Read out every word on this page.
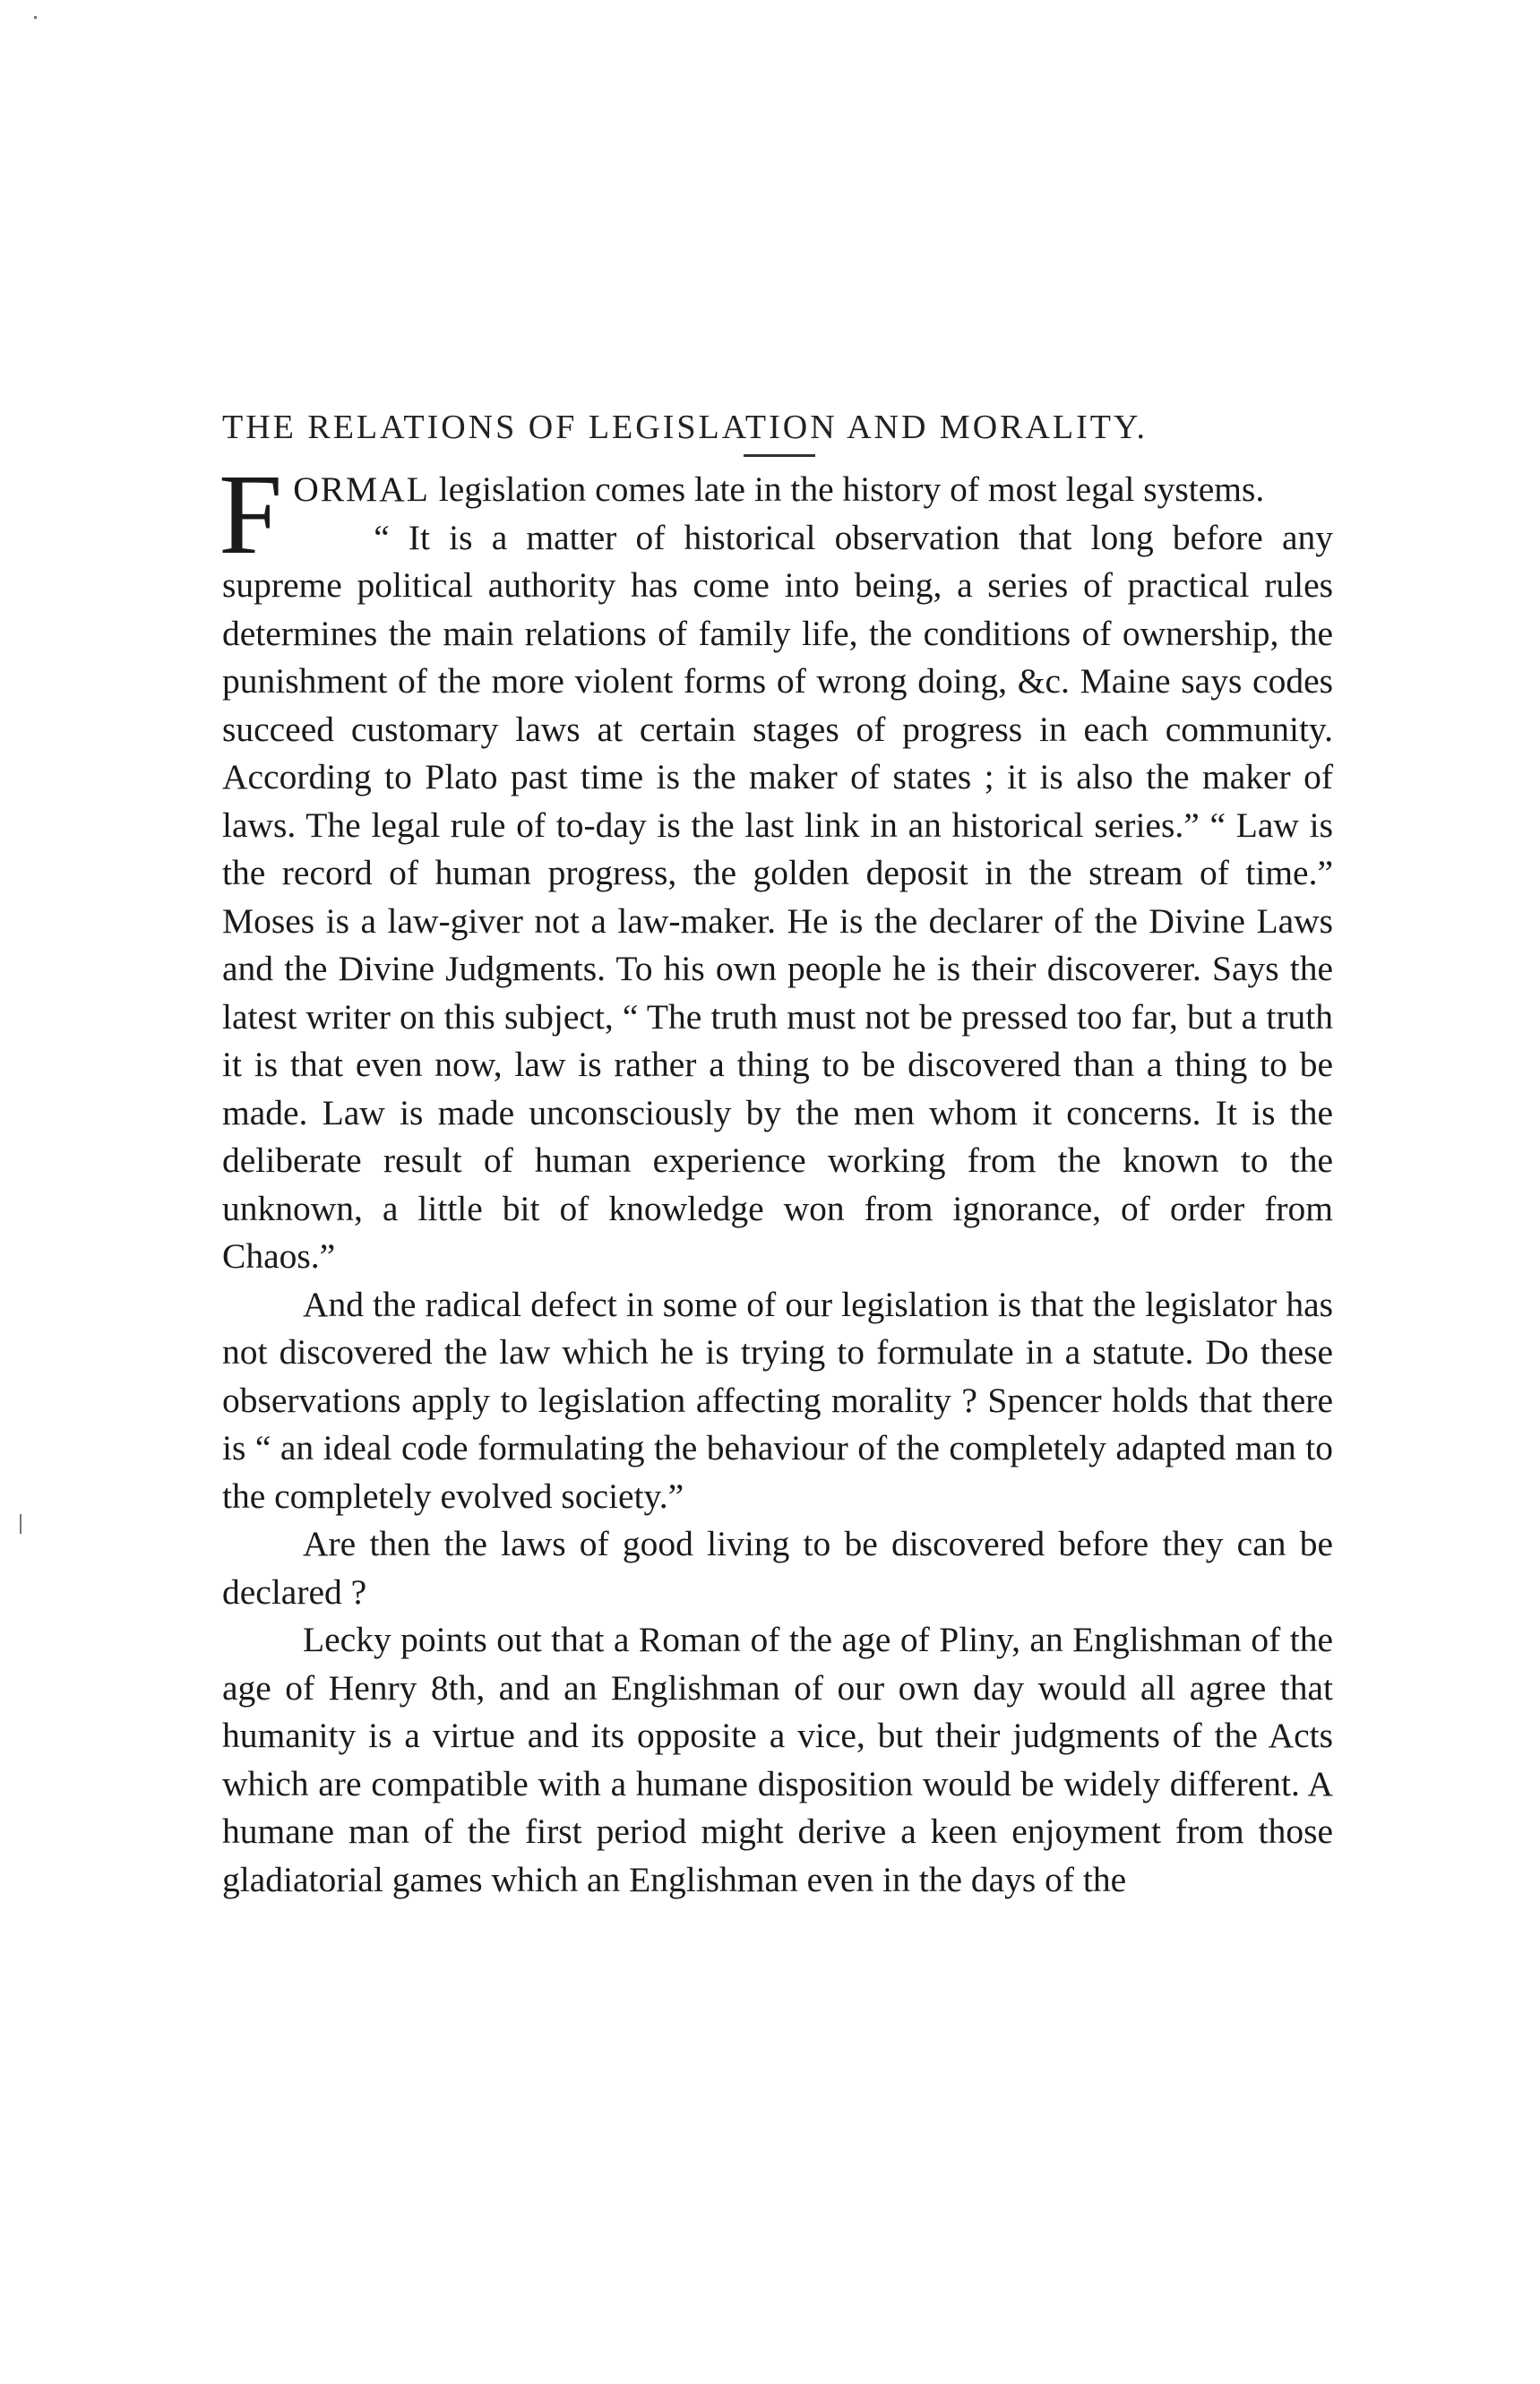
THE RELATIONS OF LEGISLATION AND MORALITY.

FORMAL legislation comes late in the history of most legal systems.

“ It is a matter of historical observation that long before any supreme political authority has come into being, a series of practical rules determines the main relations of family life, the conditions of ownership, the punishment of the more violent forms of wrong doing, &c. Maine says codes succeed customary laws at certain stages of progress in each community. According to Plato past time is the maker of states ; it is also the maker of laws. The legal rule of to-day is the last link in an historical series.” “ Law is the record of human progress, the golden deposit in the stream of time.” Moses is a law-giver not a law-maker. He is the declarer of the Divine Laws and the Divine Judgments. To his own people he is their discoverer. Says the latest writer on this subject, “ The truth must not be pressed too far, but a truth it is that even now, law is rather a thing to be discovered than a thing to be made. Law is made unconsciously by the men whom it concerns. It is the deliberate result of human experience working from the known to the unknown, a little bit of knowledge won from ignorance, of order from Chaos.”

And the radical defect in some of our legislation is that the legislator has not discovered the law which he is trying to formulate in a statute. Do these observations apply to legislation affecting morality ? Spencer holds that there is “ an ideal code formulating the behaviour of the completely adapted man to the completely evolved society.”

Are then the laws of good living to be discovered before they can be declared ?

Lecky points out that a Roman of the age of Pliny, an Englishman of the age of Henry 8th, and an Englishman of our own day would all agree that humanity is a virtue and its opposite a vice, but their judgments of the Acts which are compatible with a humane disposition would be widely different. A humane man of the first period might derive a keen enjoyment from those gladiatorial games which an Englishman even in the days of the
